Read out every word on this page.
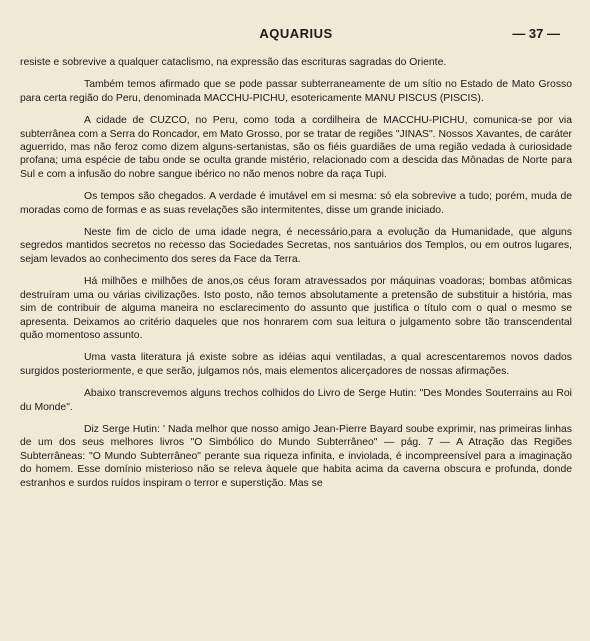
AQUARIUS	— 37 —

resiste e sobrevive a qualquer cataclismo, na expressão das escrituras sagradas do Oriente.

Também temos afirmado que se pode passar subterraneamente de um sítio no Estado de Mato Grosso para certa região do Peru, denominada MACCHU-PICHU, esotericamente MANU PISCUS (PISCIS).

A cidade de CUZCO, no Peru, como toda a cordilheira de MACCHU-PICHU, comunica-se por via subterrânea com a Serra do Roncador, em Mato Grosso, por se tratar de regiões "JINAS". Nossos Xavantes, de caráter aguerrido, mas não feroz como dizem alguns-sertanistas, são os fiéis guardiães de uma região vedada à curiosidade profana; uma espécie de tabu onde se oculta grande mistério, relacionado com a descida das Mônadas de Norte para Sul e com a infusão do nobre sangue ibérico no não menos nobre da raça Tupi.

Os tempos são chegados. A verdade é imutável em si mesma: só ela sobrevive a tudo; porém, muda de moradas como de formas e as suas revelações são intermitentes, disse um grande iniciado.

Neste fim de ciclo de uma idade negra, é necessário,para a evolução da Humanidade, que alguns segredos mantidos secretos no recesso das Sociedades Secretas, nos santuários dos Templos, ou em outros lugares, sejam levados ao conhecimento dos seres da Face da Terra.

Há milhões e milhões de anos,os céus foram atravessados por máquinas voadoras; bombas atômicas destruíram uma ou várias civilizações. Isto posto, não temos absolutamente a pretensão de substituir a história, mas sim de contribuir de alguma maneira no esclarecimento do assunto que justifica o título com o qual o mesmo se apresenta. Deixamos ao critério daqueles que nos honrarem com sua leitura o julgamento sobre tão transcendental quão momentoso assunto.

Uma vasta literatura já existe sobre as idéias aqui ventiladas, a qual acrescentaremos novos dados surgidos posteriormente, e que serão, julgamos nós, mais elementos alicerçadores de nossas afirmações.

Abaixo transcrevemos alguns trechos colhidos do Livro de Serge Hutin: "Des Mondes Souterrains au Roi du Monde".

Diz Serge Hutin: ' Nada melhor que nosso amigo Jean-Pierre Bayard soube exprimir, nas primeiras linhas de um dos seus melhores livros "O Simbólico do Mundo Subterrâneo" — pág. 7 — A Atração das Regiões Subterrâneas: "O Mundo Subterrâneo" perante sua riqueza infinita, e inviolada, é incompreensível para a imaginação do homem. Esse domínio misterioso não se releva àquele que habita acima da caverna obscura e profunda, donde estranhos e surdos ruídos inspiram o terror e superstição. Mas se
